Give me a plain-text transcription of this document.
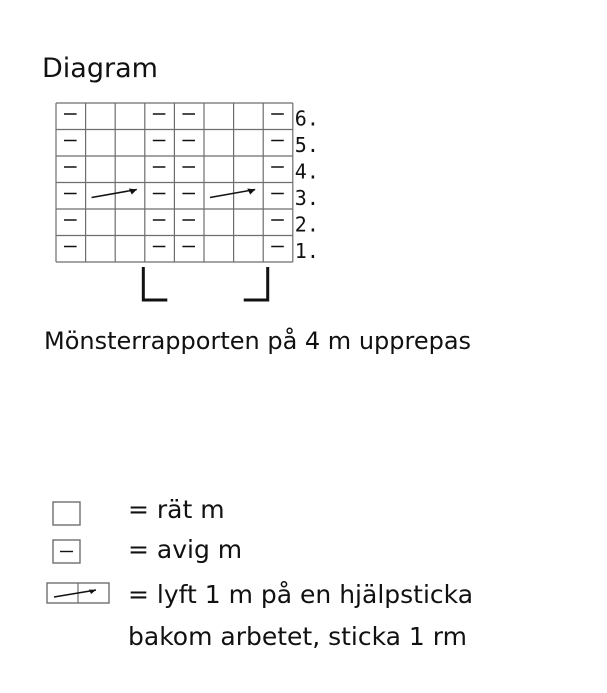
Diagram
6.
5.
4.
3.
2.
1.
Mönsterrapporten på 4 m upprepas
= rät m
= avig m
= lyft 1 m på en hjälpsticka
bakom arbetet, sticka 1 rm
